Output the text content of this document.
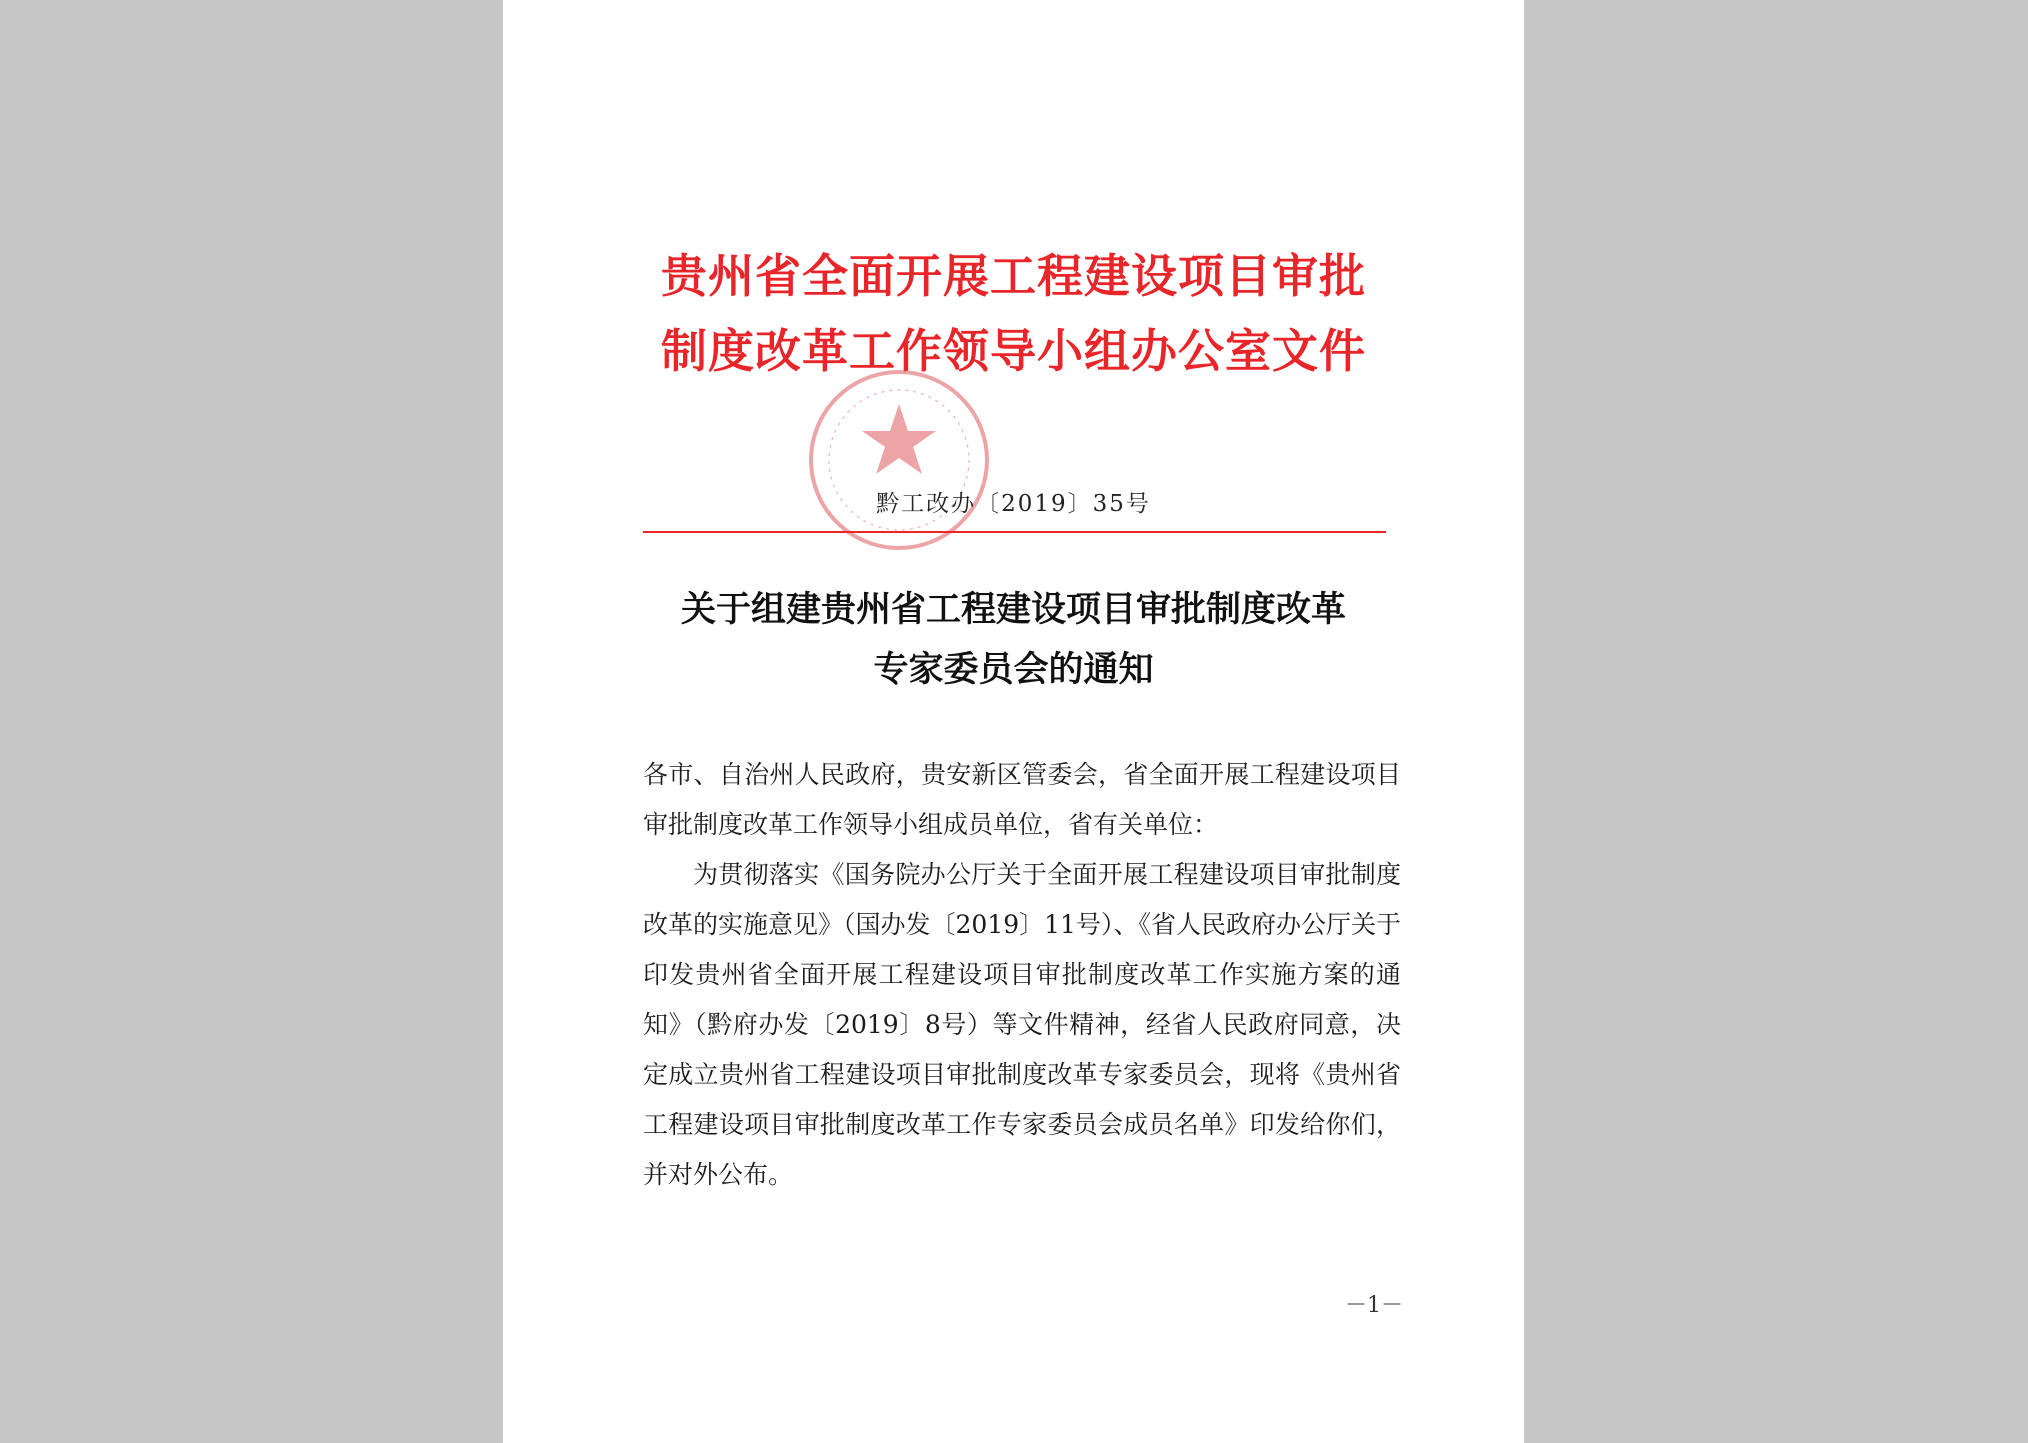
贵州省全面开展工程建设项目审批
制度改革工作领导小组办公室文件
黔工改办〔2019〕35号
关于组建贵州省工程建设项目审批制度改革
专家委员会的通知

各市、自治州人民政府，贵安新区管委会，省全面开展工程建设项目审批制度改革工作领导小组成员单位，省有关单位：

为贯彻落实《国务院办公厅关于全面开展工程建设项目审批制度改革的实施意见》（国办发〔2019〕11号）、《省人民政府办公厅关于印发贵州省全面开展工程建设项目审批制度改革工作实施方案的通知》（黔府办发〔2019〕8号）等文件精神，经省人民政府同意，决定成立贵州省工程建设项目审批制度改革专家委员会，现将《贵州省工程建设项目审批制度改革工作专家委员会成员名单》印发给你们，并对外公布。

－1－
